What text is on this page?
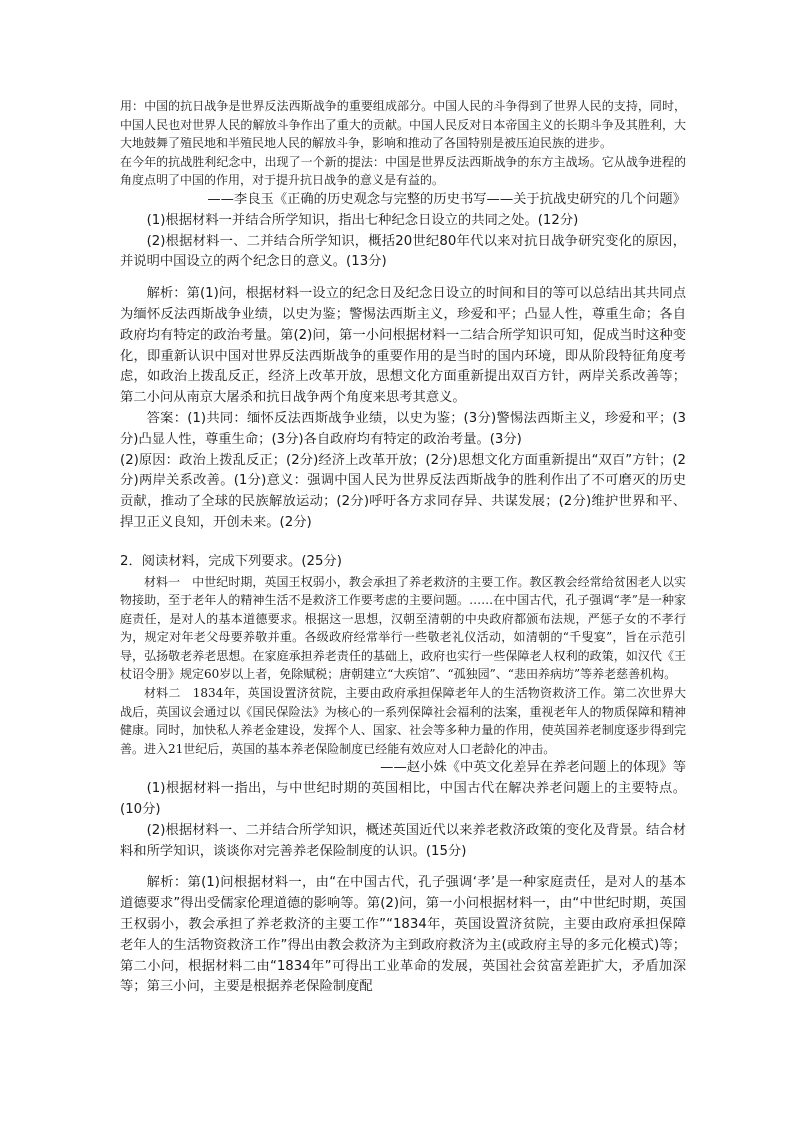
用：中国的抗日战争是世界反法西斯战争的重要组成部分。中国人民的斗争得到了世界人民的支持，同时，中国人民也对世界人民的解放斗争作出了重大的贡献。中国人民反对日本帝国主义的长期斗争及其胜利，大大地鼓舞了殖民地和半殖民地人民的解放斗争，影响和推动了各国特别是被压迫民族的进步。

在今年的抗战胜利纪念中，出现了一个新的提法：中国是世界反法西斯战争的东方主战场。它从战争进程的角度点明了中国的作用，对于提升抗日战争的意义是有益的。

——李良玉《正确的历史观念与完整的历史书写——关于抗战史研究的几个问题》

(1)根据材料一并结合所学知识，指出七种纪念日设立的共同之处。(12分)

(2)根据材料一、二并结合所学知识，概括20世纪80年代以来对抗日战争研究变化的原因，并说明中国设立的两个纪念日的意义。(13分)

解析：第(1)问，根据材料一设立的纪念日及纪念日设立的时间和目的等可以总结出其共同点为缅怀反法西斯战争业绩，以史为鉴；警惕法西斯主义，珍爱和平；凸显人性，尊重生命；各自政府均有特定的政治考量。第(2)问，第一小问根据材料一二结合所学知识可知，促成当时这种变化，即重新认识中国对世界反法西斯战争的重要作用的是当时的国内环境，即从阶段特征角度考虑，如政治上拨乱反正，经济上改革开放，思想文化方面重新提出双百方针，两岸关系改善等；第二小问从南京大屠杀和抗日战争两个角度来思考其意义。

答案：(1)共同：缅怀反法西斯战争业绩，以史为鉴；(3分)警惕法西斯主义，珍爱和平；(3分)凸显人性，尊重生命；(3分)各自政府均有特定的政治考量。(3分)

(2)原因：政治上拨乱反正；(2分)经济上改革开放；(2分)思想文化方面重新提出“双百”方针；(2分)两岸关系改善。(1分)意义：强调中国人民为世界反法西斯战争的胜利作出了不可磨灭的历史贡献，推动了全球的民族解放运动；(2分)呼吁各方求同存异、共谋发展；(2分)维护世界和平、捍卫正义良知，开创未来。(2分)

2．阅读材料，完成下列要求。(25分)

材料一　中世纪时期，英国王权弱小，教会承担了养老救济的主要工作。教区教会经常给贫困老人以实物接助，至于老年人的精神生活不是救济工作要考虑的主要问题。……在中国古代，孔子强调“孝”是一种家庭责任，是对人的基本道德要求。根据这一思想，汉朝至清朝的中央政府都颁布法规，严惩子女的不孝行为，规定对年老父母要养敬并重。各级政府经常举行一些敬老礼仪活动，如清朝的“千叟宴”，旨在示范引导，弘扬敬老养老思想。在家庭承担养老责任的基础上，政府也实行一些保障老人权利的政策，如汉代《王杖诏令册》规定60岁以上者，免除赋税；唐朝建立“大疾馆”、“孤独园”、“悲田养病坊”等养老慈善机构。

材料二　1834年，英国设置济贫院，主要由政府承担保障老年人的生活物资救济工作。第二次世界大战后，英国议会通过以《国民保险法》为核心的一系列保障社会福利的法案，重视老年人的物质保障和精神健康。同时，加快私人养老金建设，发挥个人、国家、社会等多种力量的作用，使英国养老制度逐步得到完善。进入21世纪后，英国的基本养老保险制度已经能有效应对人口老龄化的冲击。

——赵小姝《中英文化差异在养老问题上的体现》等

(1)根据材料一指出，与中世纪时期的英国相比，中国古代在解决养老问题上的主要特点。(10分)

(2)根据材料一、二并结合所学知识，概述英国近代以来养老救济政策的变化及背景。结合材料和所学知识，谈谈你对完善养老保险制度的认识。(15分)

解析：第(1)问根据材料一，由“在中国古代，孔子强调‘孝’是一种家庭责任，是对人的基本道德要求”得出受儒家伦理道德的影响等。第(2)问，第一小问根据材料一，由“中世纪时期，英国王权弱小，教会承担了养老救济的主要工作”“1834年，英国设置济贫院，主要由政府承担保障老年人的生活物资救济工作”得出由教会救济为主到政府救济为主(或政府主导的多元化模式)等；第二小问，根据材料二由“1834年”可得出工业革命的发展，英国社会贫富差距扩大，矛盾加深等；第三小问，主要是根据养老保险制度配
